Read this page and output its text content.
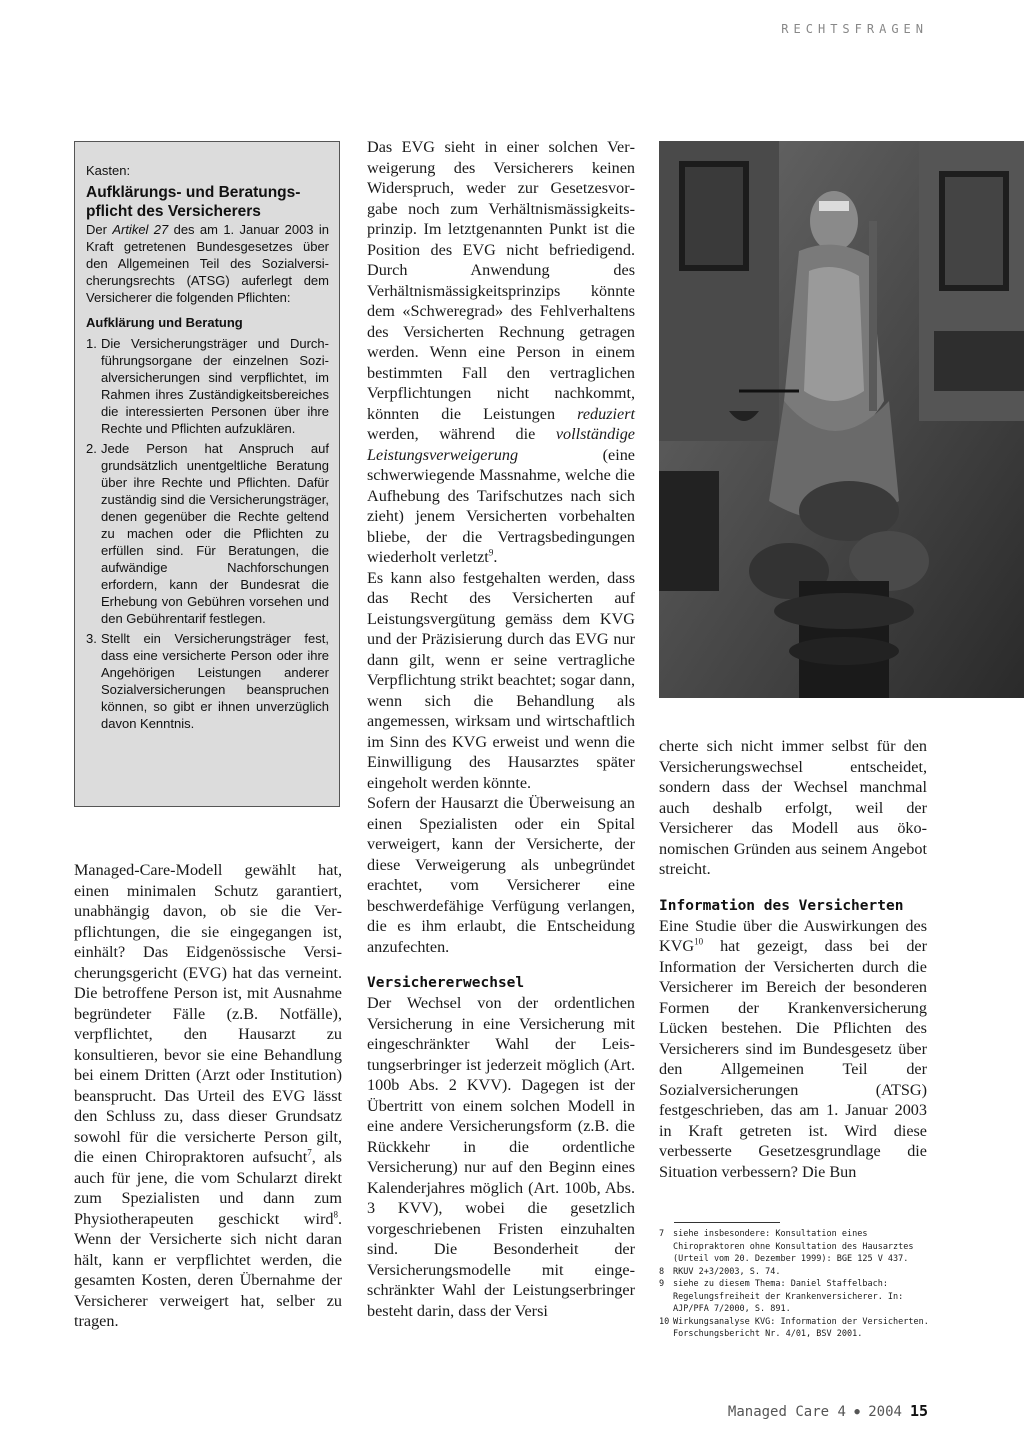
RECHTSFRAGEN
Kasten:
Aufklärungs- und Beratungspflicht des Versicherers
Der Artikel 27 des am 1. Januar 2003 in Kraft getretenen Bundesgesetzes über den Allgemeinen Teil des Sozialversicherungsrechts (ATSG) auferlegt dem Versicherer die folgenden Pflichten:
Aufklärung und Beratung
1. Die Versicherungsträger und Durchführungsorgane der einzelnen Sozialversicherungen sind verpflichtet, im Rahmen ihres Zuständigkeitsbereiches die interessierten Personen über ihre Rechte und Pflichten aufzuklären.
2. Jede Person hat Anspruch auf grundsätzlich unentgeltliche Beratung über ihre Rechte und Pflichten. Dafür zuständig sind die Versicherungsträger, denen gegenüber die Rechte geltend zu machen oder die Pflichten zu erfüllen sind. Für Beratungen, die aufwändige Nachforschungen erfordern, kann der Bundesrat die Erhebung von Gebühren vorsehen und den Gebührentarif festlegen.
3. Stellt ein Versicherungsträger fest, dass eine versicherte Person oder ihre Angehörigen Leistungen anderer Sozialversicherungen beanspruchen können, so gibt er ihnen unverzüglich davon Kenntnis.

Managed-Care-Modell gewählt hat, einen minimalen Schutz garantiert, unabhängig davon, ob sie die Verpflichtungen, die sie eingegangen ist, einhält? Das Eidgenössische Versicherungsgericht (EVG) hat das verneint. Die betroffene Person ist, mit Ausnahme begründeter Fälle (z.B. Notfälle), verpflichtet, den Hausarzt zu konsultieren, bevor sie eine Behandlung bei einem Dritten (Arzt oder Institution) beansprucht. Das Urteil des EVG lässt den Schluss zu, dass dieser Grundsatz sowohl für die versicherte Person gilt, die einen Chiropraktoren aufsucht$^7$, als auch für jene, die vom Schularzt direkt zum Spezialisten und dann zum Physiotherapeuten geschickt wird$^8$. Wenn der Versicherte sich nicht daran hält, kann er verpflichtet werden, die gesamten Kosten, deren Übernahme der Versicherer verweigert hat, selber zu tragen.

Das EVG sieht in einer solchen Verweigerung des Versicherers keinen Widerspruch, weder zur Gesetzesvorgabe noch zum Verhältnismässigkeitsprinzip. Im letztgenannten Punkt ist die Position des EVG nicht befriedigend. Durch Anwendung des Verhältnismässigkeitsprinzips könnte dem «Schweregrad» des Fehlverhaltens des Versicherten Rechnung getragen werden. Wenn eine Person in einem bestimmten Fall den vertraglichen Verpflichtungen nicht nachkommt, könnten die Leistungen reduziert werden, während die vollständige Leistungsverweigerung (eine schwerwiegende Massnahme, welche die Aufhebung des Tarifschutzes nach sich zieht) jenem Versicherten vorbehalten bliebe, der die Vertragsbedingungen wiederholt verletzt$^9$.

Es kann also festgehalten werden, dass das Recht des Versicherten auf Leistungsvergütung gemäss dem KVG und der Präzisierung durch das EVG nur dann gilt, wenn er seine vertragliche Verpflichtung strikt beachtet; sogar dann, wenn sich die Behandlung als angemessen, wirksam und wirtschaftlich im Sinn des KVG erweist und wenn die Einwilligung des Hausarztes später eingeholt werden könnte.

Sofern der Hausarzt die Überweisung an einen Spezialisten oder ein Spital verweigert, kann der Versicherte, der diese Verweigerung als unbegründet erachtet, vom Versicherer eine beschwerdefähige Verfügung verlangen, die es ihm erlaubt, die Entscheidung anzufechten.

Versichererwechsel

Der Wechsel von der ordentlichen Versicherung in eine Versicherung mit eingeschränkter Wahl der Leistungserbringer ist jederzeit möglich (Art. 100b Abs. 2 KVV). Dagegen ist der Übertritt von einem solchen Modell in eine andere Versicherungsform (z.B. die Rückkehr in die ordentliche Versicherung) nur auf den Beginn eines Kalenderjahres möglich (Art. 100b, Abs. 3 KVV), wobei die gesetzlich vorgeschriebenen Fristen einzuhalten sind. Die Besonderheit der Versicherungsmodelle mit eingeschränkter Wahl der Leistungserbringer besteht darin, dass der Versi

cherte sich nicht immer selbst für den Versicherungswechsel entscheidet, sondern dass der Wechsel manchmal auch deshalb erfolgt, weil der Versicherer das Modell aus ökonomischen Gründen aus seinem Angebot streicht.

Information des Versicherten

Eine Studie über die Auswirkungen des KVG$^{10}$ hat gezeigt, dass bei der Information der Versicherten durch die Versicherer im Bereich der besonderen Formen der Krankenversicherung Lücken bestehen. Die Pflichten des Versicherers sind im Bundesgesetz über den Allgemeinen Teil der Sozialversicherungen (ATSG) festgeschrieben, das am 1. Januar 2003 in Kraft getreten ist. Wird diese verbesserte Gesetzesgrundlage die Situation verbessern? Die Bun

7 siehe insbesondere: Konsultation eines Chiropraktoren ohne Konsultation des Hausarztes (Urteil vom 20. Dezember 1999): BGE 125 V 437.
8 RKUV 2+3/2003, S. 74.
9 siehe zu diesem Thema: Daniel Staffelbach: Regelungsfreiheit der Krankenversicherer. In: AJP/PFA 7/2000, S. 891.
10 Wirkungsanalyse KVG: Information der Versicherten. Forschungsbericht Nr. 4/01, BSV 2001.
Managed Care 4 ● 2004 15
